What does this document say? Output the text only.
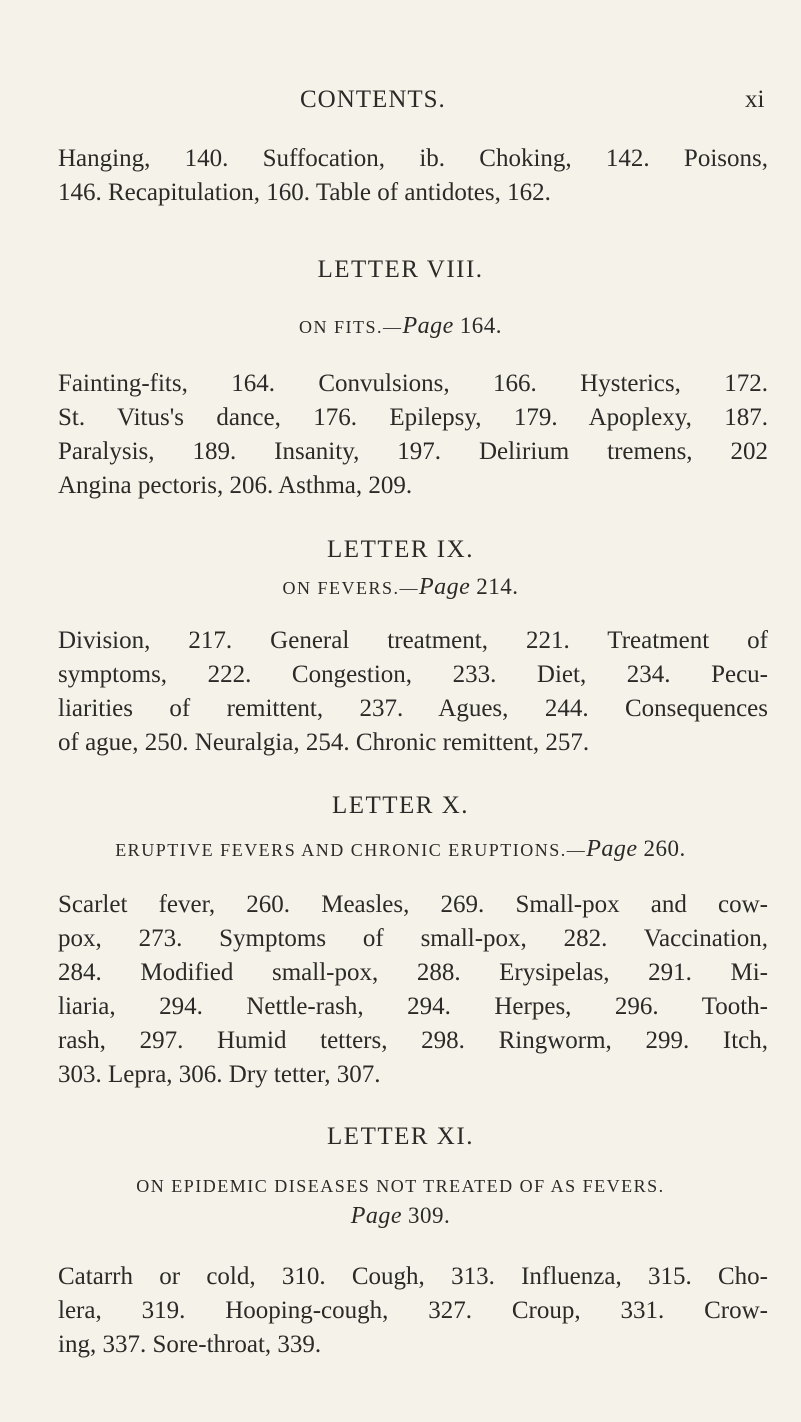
CONTENTS.	xi
Hanging, 140. Suffocation, ib. Choking, 142. Poisons,
146. Recapitulation, 160. Table of antidotes, 162.
LETTER VIII.
ON FITS.—Page 164.
Fainting-fits, 164. Convulsions, 166. Hysterics, 172.
St. Vitus's dance, 176. Epilepsy, 179. Apoplexy, 187.
Paralysis, 189. Insanity, 197. Delirium tremens, 202
Angina pectoris, 206. Asthma, 209.
LETTER IX.
ON FEVERS.—Page 214.
Division, 217. General treatment, 221. Treatment of
symptoms, 222. Congestion, 233. Diet, 234. Pecu-
liarities of remittent, 237. Agues, 244. Consequences
of ague, 250. Neuralgia, 254. Chronic remittent, 257.
LETTER X.
ERUPTIVE FEVERS AND CHRONIC ERUPTIONS.—Page 260.
Scarlet fever, 260. Measles, 269. Small-pox and cow-
pox, 273. Symptoms of small-pox, 282. Vaccination,
284. Modified small-pox, 288. Erysipelas, 291. Mi-
liaria, 294. Nettle-rash, 294. Herpes, 296. Tooth-
rash, 297. Humid tetters, 298. Ringworm, 299. Itch,
303. Lepra, 306. Dry tetter, 307.
LETTER XI.
ON EPIDEMIC DISEASES NOT TREATED OF AS FEVERS.
Page 309.
Catarrh or cold, 310. Cough, 313. Influenza, 315. Cho-
lera, 319. Hooping-cough, 327. Croup, 331. Crow-
ing, 337. Sore-throat, 339.
